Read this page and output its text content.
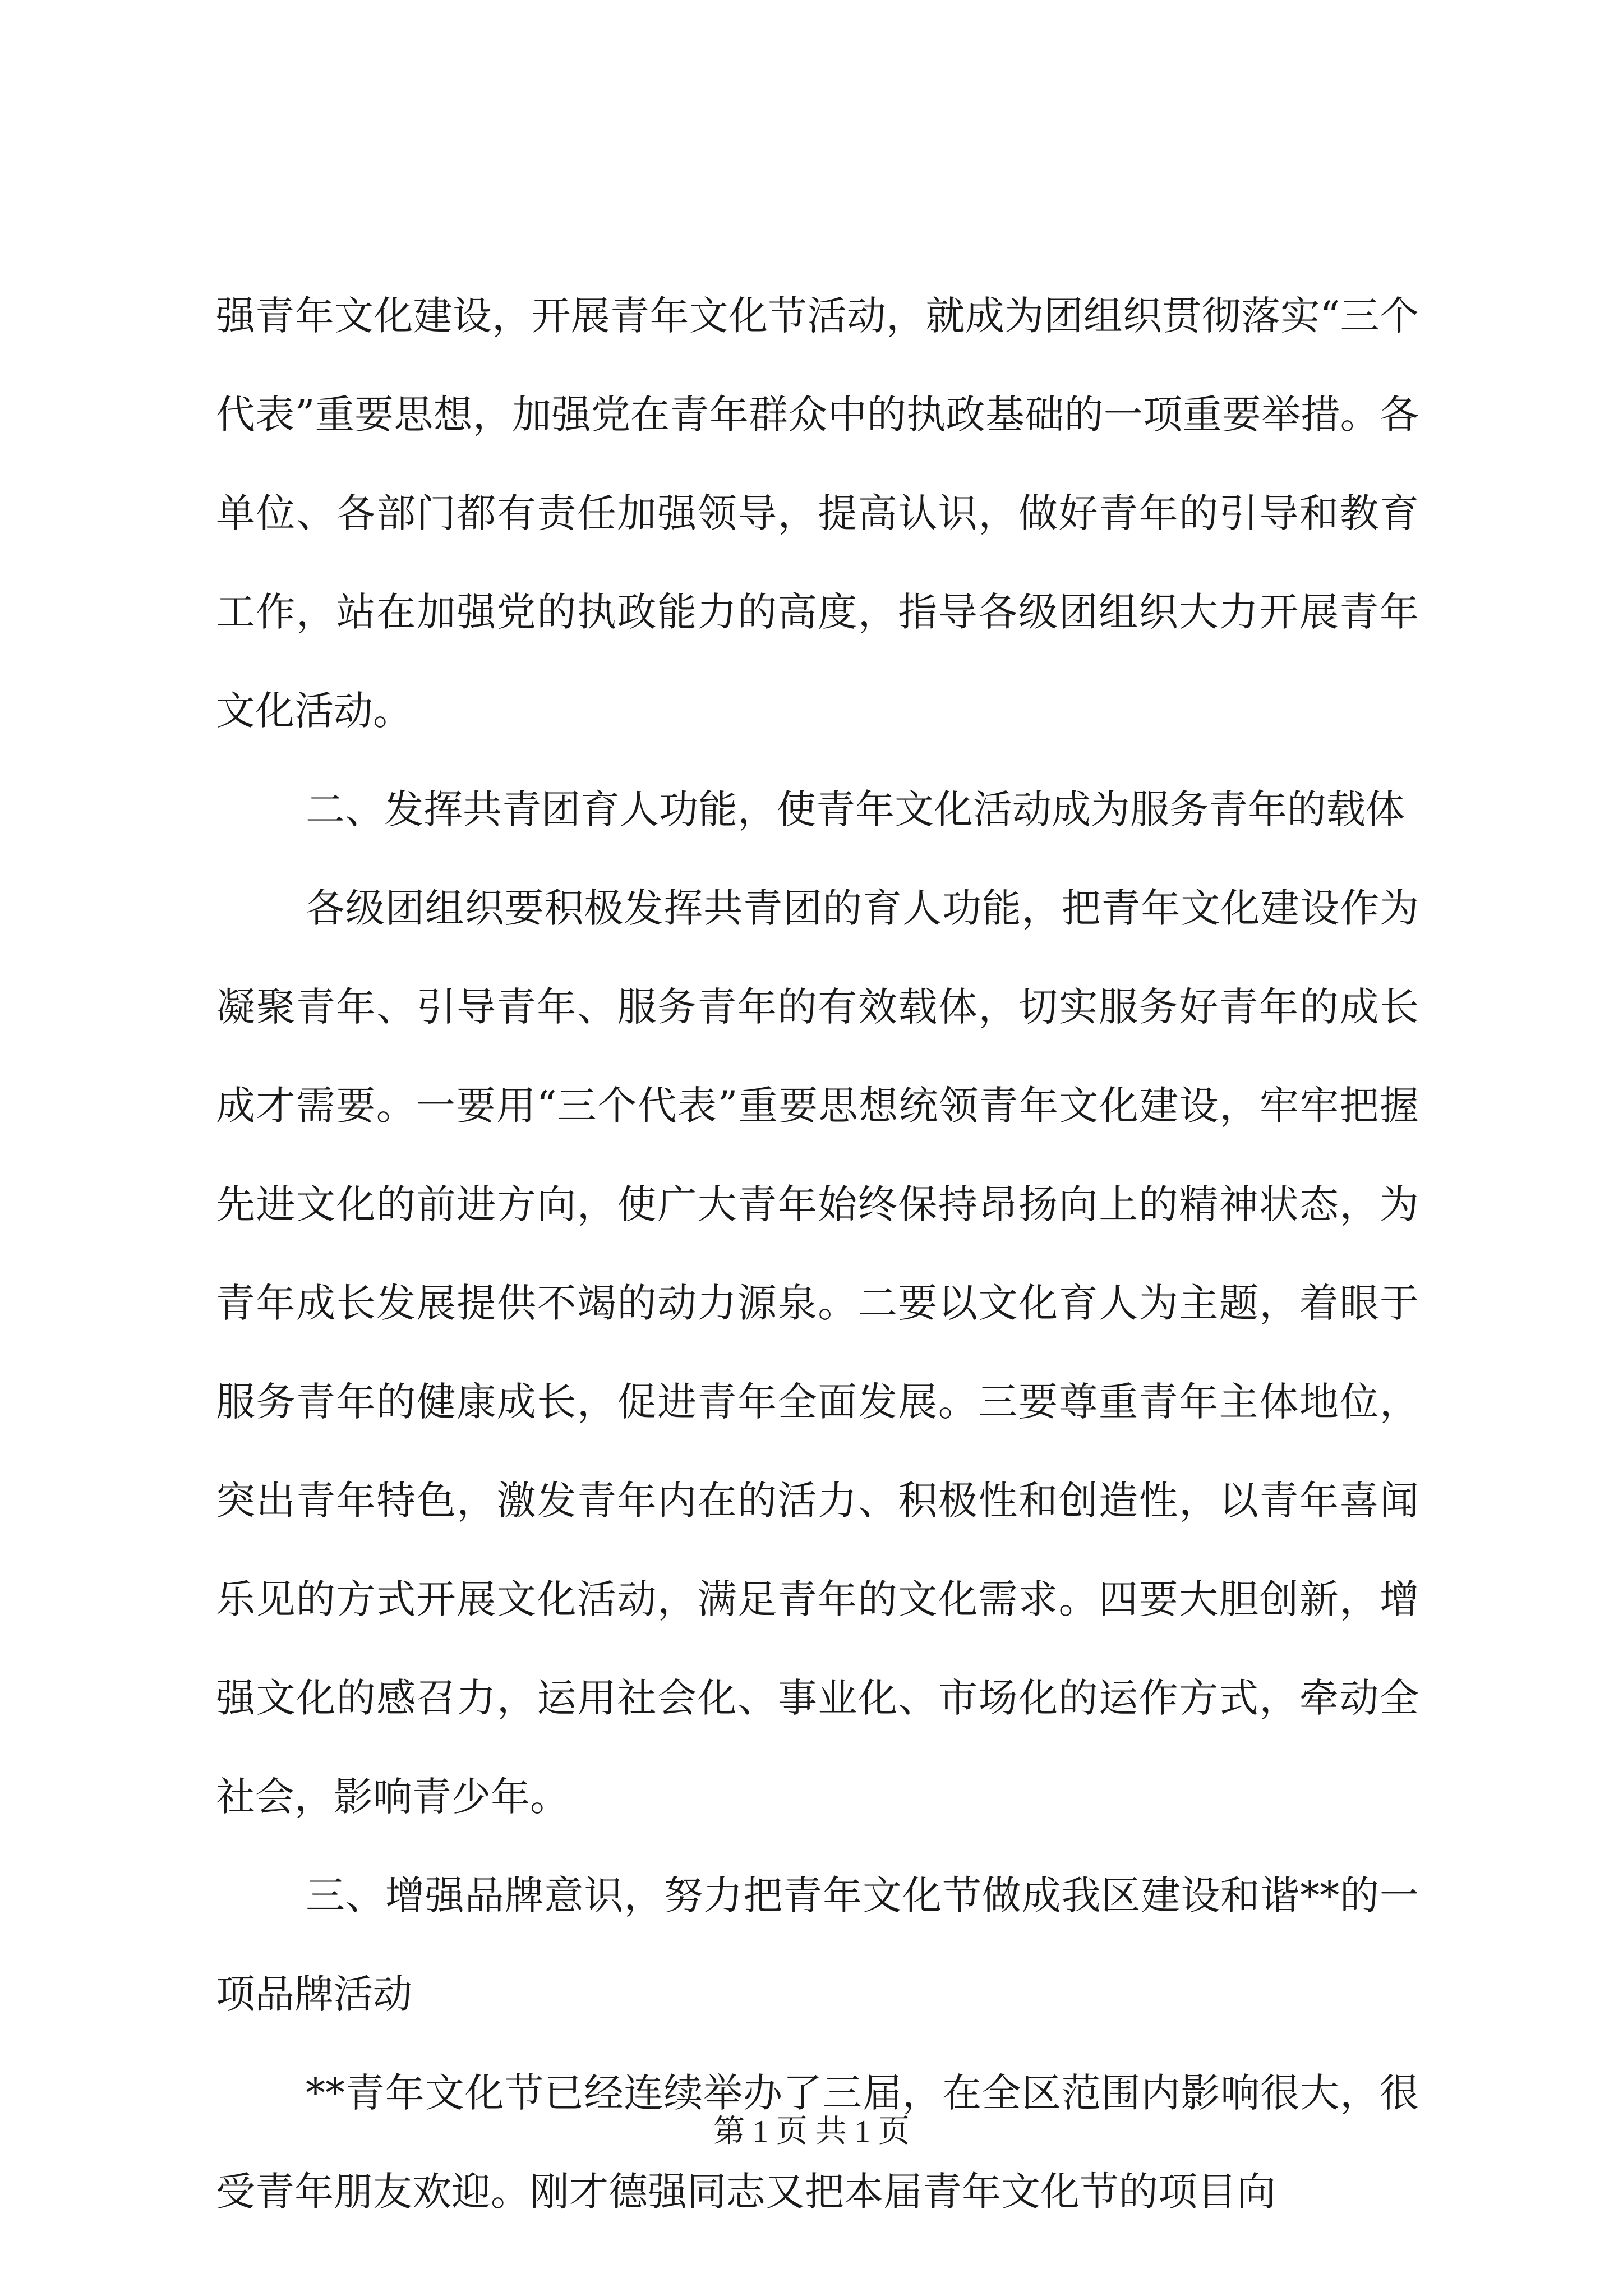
强青年文化建设，开展青年文化节活动，就成为团组织贯彻落实“三个代表”重要思想，加强党在青年群众中的执政基础的一项重要举措。各单位、各部门都有责任加强领导，提高认识，做好青年的引导和教育工作，站在加强党的执政能力的高度，指导各级团组织大力开展青年文化活动。

二、发挥共青团育人功能，使青年文化活动成为服务青年的载体

各级团组织要积极发挥共青团的育人功能，把青年文化建设作为凝聚青年、引导青年、服务青年的有效载体，切实服务好青年的成长成才需要。一要用“三个代表”重要思想统领青年文化建设，牢牢把握先进文化的前进方向，使广大青年始终保持昂扬向上的精神状态，为青年成长发展提供不竭的动力源泉。二要以文化育人为主题，着眼于服务青年的健康成长，促进青年全面发展。三要尊重青年主体地位，突出青年特色，激发青年内在的活力、积极性和创造性，以青年喜闻乐见的方式开展文化活动，满足青年的文化需求。四要大胆创新，增强文化的感召力，运用社会化、事业化、市场化的运作方式，牵动全社会，影响青少年。

三、增强品牌意识，努力把青年文化节做成我区建设和谐**的一项品牌活动

**青年文化节已经连续举办了三届，在全区范围内影响很大，很受青年朋友欢迎。刚才德强同志又把本届青年文化节的项目向

第 1 页 共 1 页
